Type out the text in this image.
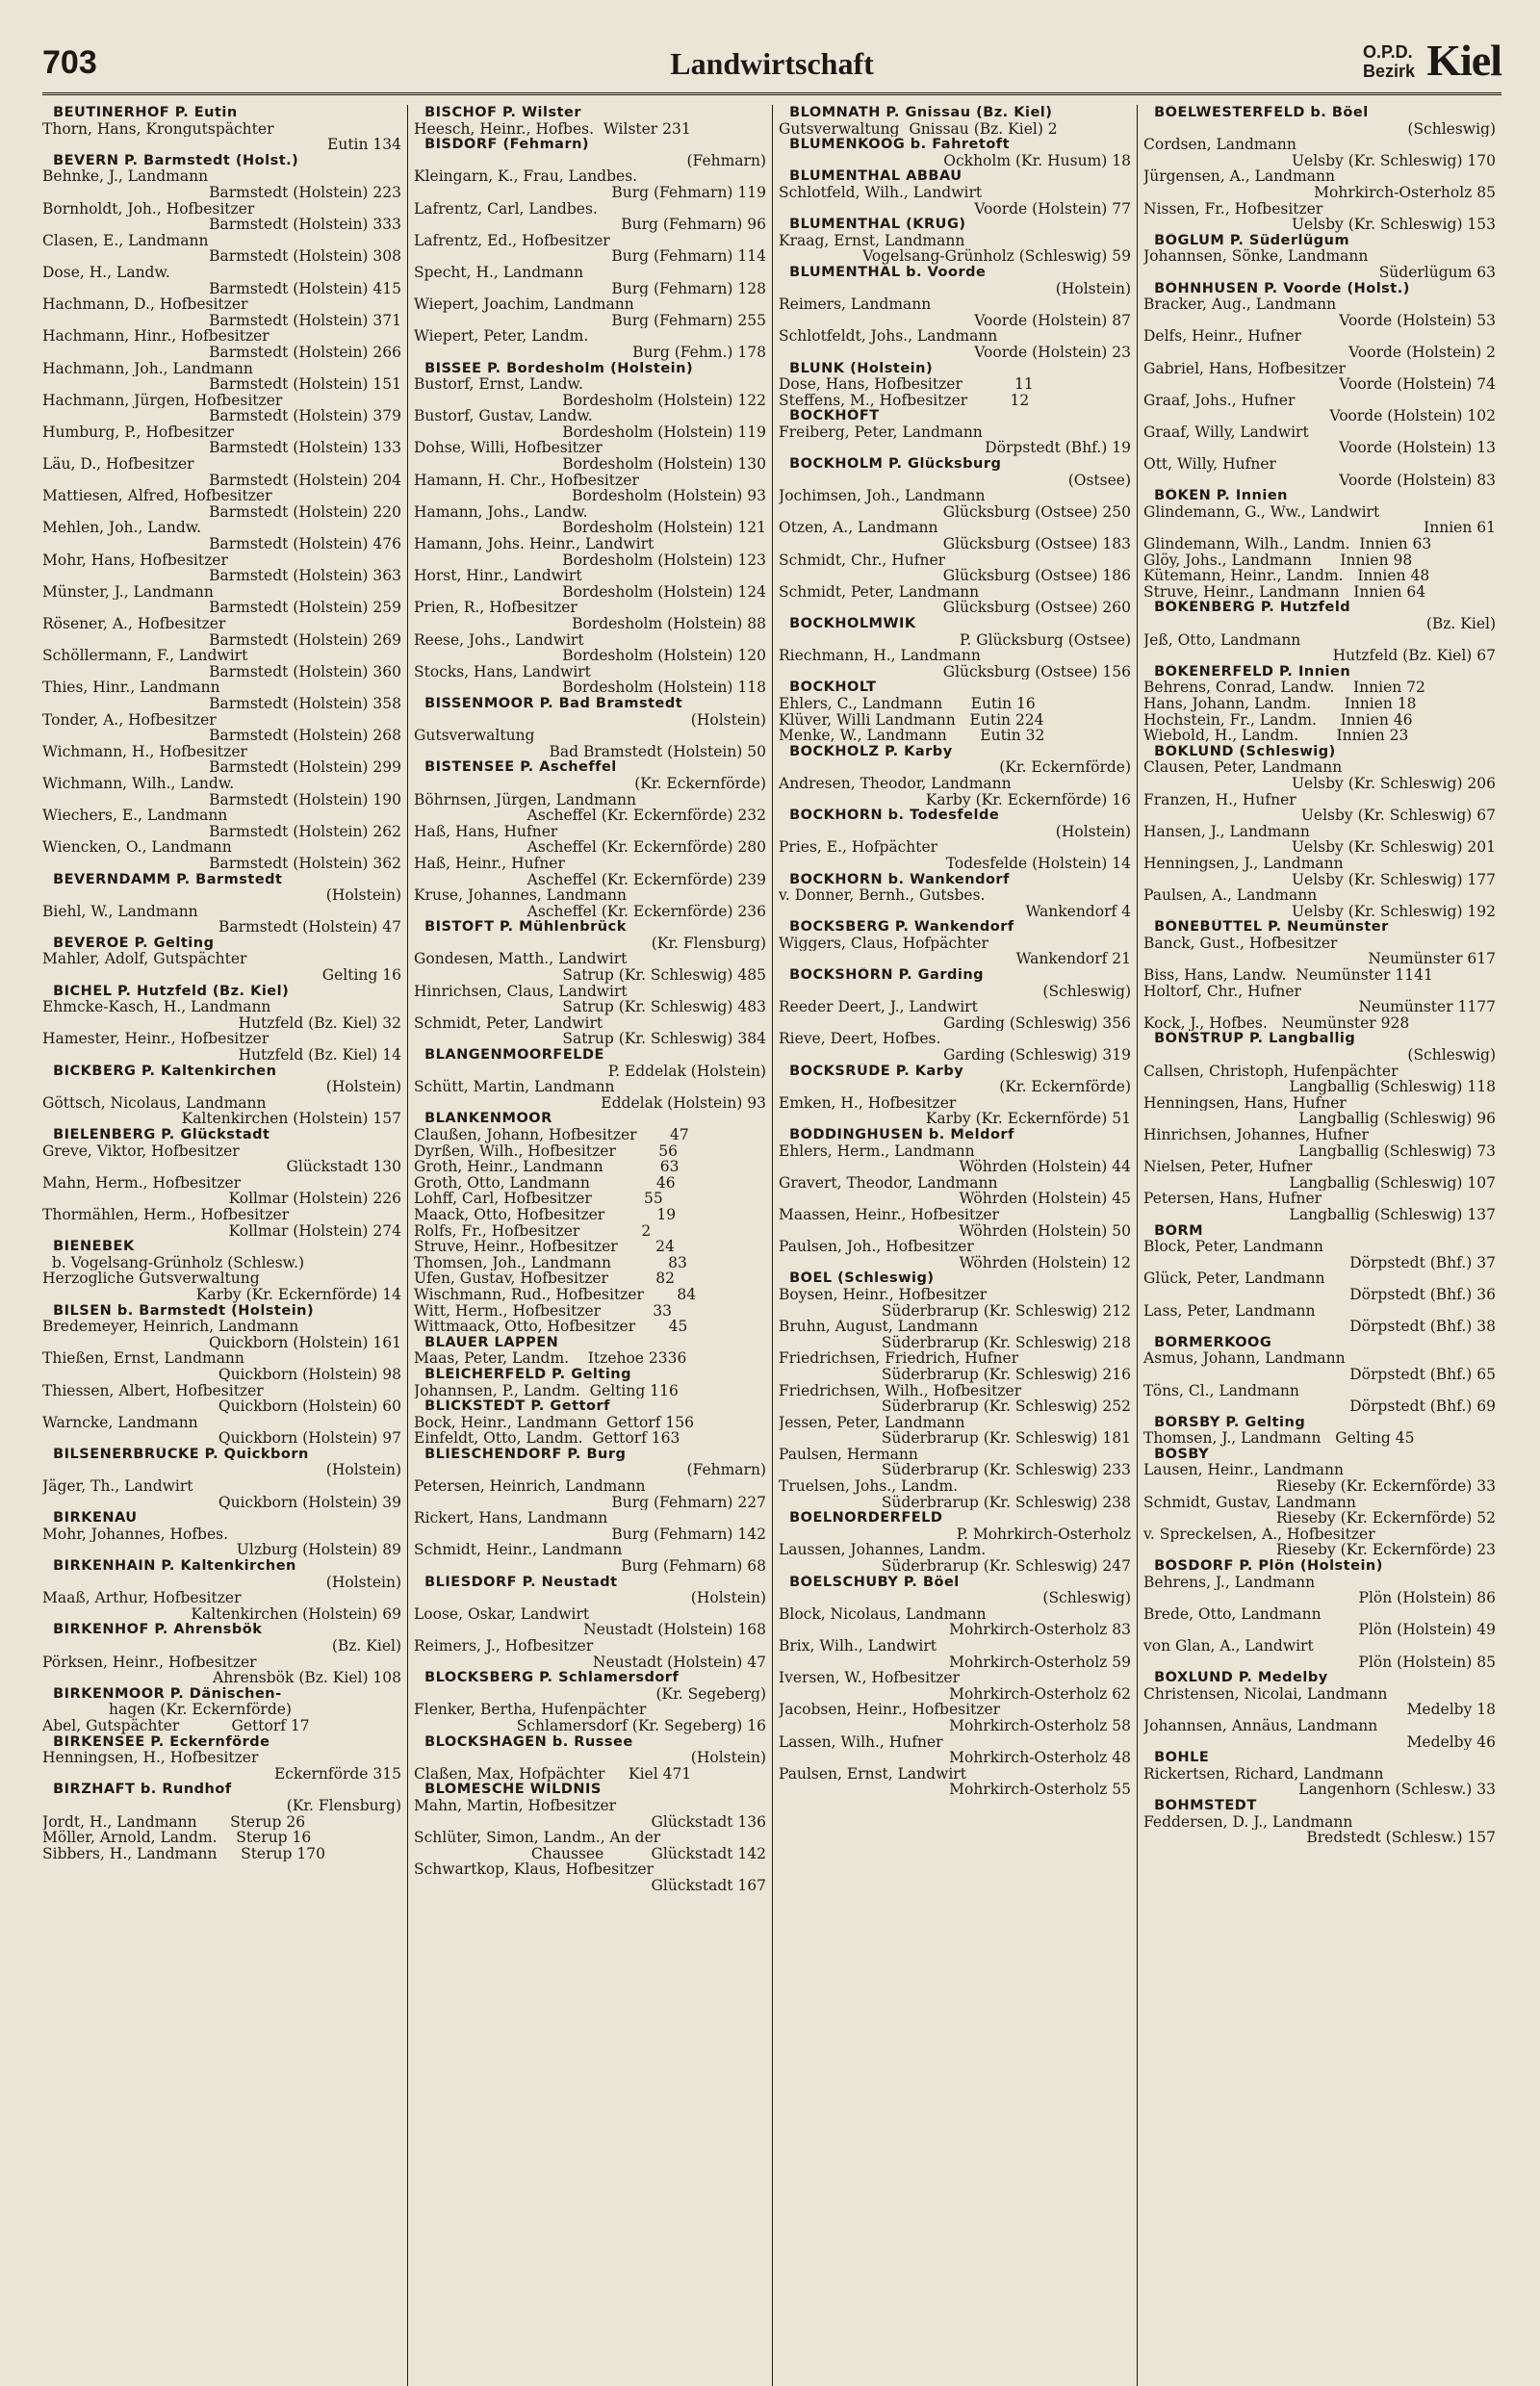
703	Landwirtschaft	O.P.D.
Bezirk Kiel
BEUTINERHOF P. Eutin
Thorn, Hans, Krongutspächter
Eutin 134
BEVERN P. Barmstedt (Holst.)
Behnke, J., Landmann
Barmstedt (Holstein) 223
Bornholdt, Joh., Hofbesitzer
Barmstedt (Holstein) 333
Clasen, E., Landmann
Barmstedt (Holstein) 308
Dose, H., Landw.
Barmstedt (Holstein) 415
Hachmann, D., Hofbesitzer
Barmstedt (Holstein) 371
Hachmann, Hinr., Hofbesitzer
Barmstedt (Holstein) 266
Hachmann, Joh., Landmann
Barmstedt (Holstein) 151
Hachmann, Jürgen, Hofbesitzer
Barmstedt (Holstein) 379
Humburg, P., Hofbesitzer
Barmstedt (Holstein) 133
Läu, D., Hofbesitzer
Barmstedt (Holstein) 204
Mattiesen, Alfred, Hofbesitzer
Barmstedt (Holstein) 220
Mehlen, Joh., Landw.
Barmstedt (Holstein) 476
Mohr, Hans, Hofbesitzer
Barmstedt (Holstein) 363
Münster, J., Landmann
Barmstedt (Holstein) 259
Rösener, A., Hofbesitzer
Barmstedt (Holstein) 269
Schöllermann, F., Landwirt
Barmstedt (Holstein) 360
Thies, Hinr., Landmann
Barmstedt (Holstein) 358
Tonder, A., Hofbesitzer
Barmstedt (Holstein) 268
Wichmann, H., Hofbesitzer
Barmstedt (Holstein) 299
Wichmann, Wilh., Landw.
Barmstedt (Holstein) 190
Wiechers, E., Landmann
Barmstedt (Holstein) 262
Wiencken, O., Landmann
Barmstedt (Holstein) 362
BEVERNDAMM P. Barmstedt
(Holstein)
Biehl, W., Landmann
Barmstedt (Holstein) 47
BEVEROE P. Gelting
Mahler, Adolf, Gutspächter
Gelting 16
BICHEL P. Hutzfeld (Bz. Kiel)
Ehmcke-Kasch, H., Landmann
Hutzfeld (Bz. Kiel) 32
Hamester, Heinr., Hofbesitzer
Hutzfeld (Bz. Kiel) 14
BICKBERG P. Kaltenkirchen
(Holstein)
Göttsch, Nicolaus, Landmann
Kaltenkirchen (Holstein) 157
BIELENBERG P. Glückstadt
Greve, Viktor, Hofbesitzer
Glückstadt 130
Mahn, Herm., Hofbesitzer
Kollmar (Holstein) 226
Thormählen, Herm., Hofbesitzer
Kollmar (Holstein) 274
BIENEBEK
b. Vogelsang-Grünholz (Schlesw.)
Herzogliche Gutsverwaltung
Karby (Kr. Eckernförde) 14
BILSEN b. Barmstedt (Holstein)
Bredemeyer, Heinrich, Landmann
Quickborn (Holstein) 161
Thießen, Ernst, Landmann
Quickborn (Holstein) 98
Thiessen, Albert, Hofbesitzer
Quickborn (Holstein) 60
Warncke, Landmann
Quickborn (Holstein) 97
BILSENERBRÜCKE P. Quickborn
(Holstein)
Jäger, Th., Landwirt
Quickborn (Holstein) 39
BIRKENAU
Mohr, Johannes, Hofbes.
Ulzburg (Holstein) 89
BIRKENHAIN P. Kaltenkirchen
(Holstein)
Maaß, Arthur, Hofbesitzer
Kaltenkirchen (Holstein) 69
BIRKENHOF P. Ahrensbök
(Bz. Kiel)
Pörksen, Heinr., Hofbesitzer
Ahrensbök (Bz. Kiel) 108
BIRKENMOOR P. Dänischen-
hagen (Kr. Eckernförde)
Abel, Gutspächter           Gettorf 17
BIRKENSEE P. Eckernförde
Henningsen, H., Hofbesitzer
Eckernförde 315
BIRZHAFT b. Rundhof
(Kr. Flensburg)
Jordt, H., Landmann       Sterup 26
Möller, Arnold, Landm.    Sterup 16
Sibbers, H., Landmann     Sterup 170
BISCHOF P. Wilster
Heesch, Heinr., Hofbes.  Wilster 231
BISDORF (Fehmarn)
(Fehmarn)
Kleingarn, K., Frau, Landbes.
Burg (Fehmarn) 119
Lafrentz, Carl, Landbes.
Burg (Fehmarn) 96
Lafrentz, Ed., Hofbesitzer
Burg (Fehmarn) 114
Specht, H., Landmann
Burg (Fehmarn) 128
Wiepert, Joachim, Landmann
Burg (Fehmarn) 255
Wiepert, Peter, Landm.
Burg (Fehm.) 178
BISSEE P. Bordesholm (Holstein)
Bustorf, Ernst, Landw.
Bordesholm (Holstein) 122
Bustorf, Gustav, Landw.
Bordesholm (Holstein) 119
Dohse, Willi, Hofbesitzer
Bordesholm (Holstein) 130
Hamann, H. Chr., Hofbesitzer
Bordesholm (Holstein) 93
Hamann, Johs., Landw.
Bordesholm (Holstein) 121
Hamann, Johs. Heinr., Landwirt
Bordesholm (Holstein) 123
Horst, Hinr., Landwirt
Bordesholm (Holstein) 124
Prien, R., Hofbesitzer
Bordesholm (Holstein) 88
Reese, Johs., Landwirt
Bordesholm (Holstein) 120
Stocks, Hans, Landwirt
Bordesholm (Holstein) 118
BISSENMOOR P. Bad Bramstedt
(Holstein)
Gutsverwaltung
Bad Bramstedt (Holstein) 50
BISTENSEE P. Ascheffel
(Kr. Eckernförde)
Böhrnsen, Jürgen, Landmann
Ascheffel (Kr. Eckernförde) 232
Haß, Hans, Hufner
Ascheffel (Kr. Eckernförde) 280
Haß, Heinr., Hufner
Ascheffel (Kr. Eckernförde) 239
Kruse, Johannes, Landmann
Ascheffel (Kr. Eckernförde) 236
BISTOFT P. Mühlenbrück
(Kr. Flensburg)
Gondesen, Matth., Landwirt
Satrup (Kr. Schleswig) 485
Hinrichsen, Claus, Landwirt
Satrup (Kr. Schleswig) 483
Schmidt, Peter, Landwirt
Satrup (Kr. Schleswig) 384
BLANGENMOORFELDE
P. Eddelak (Holstein)
Schütt, Martin, Landmann
Eddelak (Holstein) 93
BLANKENMOOR
Claußen, Johann, Hofbesitzer       47
Dyrßen, Wilh., Hofbesitzer         56
Groth, Heinr., Landmann            63
Groth, Otto, Landmann              46
Lohff, Carl, Hofbesitzer           55
Maack, Otto, Hofbesitzer           19
Rolfs, Fr., Hofbesitzer             2
Struve, Heinr., Hofbesitzer        24
Thomsen, Joh., Landmann            83
Ufen, Gustav, Hofbesitzer          82
Wischmann, Rud., Hofbesitzer       84
Witt, Herm., Hofbesitzer           33
Wittmaack, Otto, Hofbesitzer       45
BLAUER LAPPEN
Maas, Peter, Landm.    Itzehoe 2336
BLEICHERFELD P. Gelting
Johannsen, P., Landm.  Gelting 116
BLICKSTEDT P. Gettorf
Bock, Heinr., Landmann  Gettorf 156
Einfeldt, Otto, Landm.  Gettorf 163
BLIESCHENDORF P. Burg
(Fehmarn)
Petersen, Heinrich, Landmann
Burg (Fehmarn) 227
Rickert, Hans, Landmann
Burg (Fehmarn) 142
Schmidt, Heinr., Landmann
Burg (Fehmarn) 68
BLIESDORF P. Neustadt
(Holstein)
Loose, Oskar, Landwirt
Neustadt (Holstein) 168
Reimers, J., Hofbesitzer
Neustadt (Holstein) 47
BLOCKSBERG P. Schlamersdorf
(Kr. Segeberg)
Flenker, Bertha, Hufenpächter
Schlamersdorf (Kr. Segeberg) 16
BLOCKSHAGEN b. Russee
(Holstein)
Claßen, Max, Hofpächter     Kiel 471
BLOMESCHE WILDNIS
Mahn, Martin, Hofbesitzer
Glückstadt 136
Schlüter, Simon, Landm., An der
Chaussee          Glückstadt 142
Schwartkop, Klaus, Hofbesitzer
Glückstadt 167
BLOMNATH P. Gnissau (Bz. Kiel)
Gutsverwaltung  Gnissau (Bz. Kiel) 2
BLUMENKOOG b. Fahretoft
Ockholm (Kr. Husum) 18
BLUMENTHAL ABBAU
Schlotfeld, Wilh., Landwirt
Voorde (Holstein) 77
BLUMENTHAL (KRUG)
Kraag, Ernst, Landmann
Vogelsang-Grünholz (Schleswig) 59
BLUMENTHAL b. Voorde
(Holstein)
Reimers, Landmann
Voorde (Holstein) 87
Schlotfeldt, Johs., Landmann
Voorde (Holstein) 23
BLUNK (Holstein)
Dose, Hans, Hofbesitzer           11
Steffens, M., Hofbesitzer         12
BOCKHÖFT
Freiberg, Peter, Landmann
Dörpstedt (Bhf.) 19
BOCKHOLM P. Glücksburg
(Ostsee)
Jochimsen, Joh., Landmann
Glücksburg (Ostsee) 250
Otzen, A., Landmann
Glücksburg (Ostsee) 183
Schmidt, Chr., Hufner
Glücksburg (Ostsee) 186
Schmidt, Peter, Landmann
Glücksburg (Ostsee) 260
BOCKHOLMWIK
P. Glücksburg (Ostsee)
Riechmann, H., Landmann
Glücksburg (Ostsee) 156
BOCKHOLT
Ehlers, C., Landmann      Eutin 16
Klüver, Willi Landmann   Eutin 224
Menke, W., Landmann       Eutin 32
BOCKHOLZ P. Karby
(Kr. Eckernförde)
Andresen, Theodor, Landmann
Karby (Kr. Eckernförde) 16
BOCKHORN b. Todesfelde
(Holstein)
Pries, E., Hofpächter
Todesfelde (Holstein) 14
BOCKHORN b. Wankendorf
v. Donner, Bernh., Gutsbes.
Wankendorf 4
BOCKSBERG P. Wankendorf
Wiggers, Claus, Hofpächter
Wankendorf 21
BOCKSHÖRN P. Garding
(Schleswig)
Reeder Deert, J., Landwirt
Garding (Schleswig) 356
Rieve, Deert, Hofbes.
Garding (Schleswig) 319
BOCKSRÜDE P. Karby
(Kr. Eckernförde)
Emken, H., Hofbesitzer
Karby (Kr. Eckernförde) 51
BÖDDINGHUSEN b. Meldorf
Ehlers, Herm., Landmann
Wöhrden (Holstein) 44
Gravert, Theodor, Landmann
Wöhrden (Holstein) 45
Maassen, Heinr., Hofbesitzer
Wöhrden (Holstein) 50
Paulsen, Joh., Hofbesitzer
Wöhrden (Holstein) 12
BÖEL (Schleswig)
Boysen, Heinr., Hofbesitzer
Süderbrarup (Kr. Schleswig) 212
Bruhn, August, Landmann
Süderbrarup (Kr. Schleswig) 218
Friedrichsen, Friedrich, Hufner
Süderbrarup (Kr. Schleswig) 216
Friedrichsen, Wilh., Hofbesitzer
Süderbrarup (Kr. Schleswig) 252
Jessen, Peter, Landmann
Süderbrarup (Kr. Schleswig) 181
Paulsen, Hermann
Süderbrarup (Kr. Schleswig) 233
Truelsen, Johs., Landm.
Süderbrarup (Kr. Schleswig) 238
BOELNORDERFELD
P. Mohrkirch-Osterholz
Laussen, Johannes, Landm.
Süderbrarup (Kr. Schleswig) 247
BÖELSCHUBY P. Böel
(Schleswig)
Block, Nicolaus, Landmann
Mohrkirch-Osterholz 83
Brix, Wilh., Landwirt
Mohrkirch-Osterholz 59
Iversen, W., Hofbesitzer
Mohrkirch-Osterholz 62
Jacobsen, Heinr., Hofbesitzer
Mohrkirch-Osterholz 58
Lassen, Wilh., Hufner
Mohrkirch-Osterholz 48
Paulsen, Ernst, Landwirt
Mohrkirch-Osterholz 55
BÖELWESTERFELD b. Böel
(Schleswig)
Cordsen, Landmann
Uelsby (Kr. Schleswig) 170
Jürgensen, A., Landmann
Mohrkirch-Osterholz 85
Nissen, Fr., Hofbesitzer
Uelsby (Kr. Schleswig) 153
BÖGLUM P. Süderlügum
Johannsen, Sönke, Landmann
Süderlügum 63
BÖHNHUSEN P. Voorde (Holst.)
Bracker, Aug., Landmann
Voorde (Holstein) 53
Delfs, Heinr., Hufner
Voorde (Holstein) 2
Gabriel, Hans, Hofbesitzer
Voorde (Holstein) 74
Graaf, Johs., Hufner
Voorde (Holstein) 102
Graaf, Willy, Landwirt
Voorde (Holstein) 13
Ott, Willy, Hufner
Voorde (Holstein) 83
BÖKEN P. Innien
Glindemann, G., Ww., Landwirt
Innien 61
Glindemann, Wilh., Landm.  Innien 63
Glöy, Johs., Landmann      Innien 98
Kütemann, Heinr., Landm.   Innien 48
Struve, Heinr., Landmann   Innien 64
BÖKENBERG P. Hutzfeld
(Bz. Kiel)
Jeß, Otto, Landmann
Hutzfeld (Bz. Kiel) 67
BÖKENERFELD P. Innien
Behrens, Conrad, Landw.    Innien 72
Hans, Johann, Landm.       Innien 18
Hochstein, Fr., Landm.     Innien 46
Wiebold, H., Landm.        Innien 23
BÖKLUND (Schleswig)
Clausen, Peter, Landmann
Uelsby (Kr. Schleswig) 206
Franzen, H., Hufner
Uelsby (Kr. Schleswig) 67
Hansen, J., Landmann
Uelsby (Kr. Schleswig) 201
Henningsen, J., Landmann
Uelsby (Kr. Schleswig) 177
Paulsen, A., Landmann
Uelsby (Kr. Schleswig) 192
BÖNEBÜTTEL P. Neumünster
Banck, Gust., Hofbesitzer
Neumünster 617
Biss, Hans, Landw.  Neumünster 1141
Holtorf, Chr., Hufner
Neumünster 1177
Kock, J., Hofbes.   Neumünster 928
BÖNSTRUP P. Langballig
(Schleswig)
Callsen, Christoph, Hufenpächter
Langballig (Schleswig) 118
Henningsen, Hans, Hufner
Langballig (Schleswig) 96
Hinrichsen, Johannes, Hufner
Langballig (Schleswig) 73
Nielsen, Peter, Hufner
Langballig (Schleswig) 107
Petersen, Hans, Hufner
Langballig (Schleswig) 137
BÖRM
Block, Peter, Landmann
Dörpstedt (Bhf.) 37
Glück, Peter, Landmann
Dörpstedt (Bhf.) 36
Lass, Peter, Landmann
Dörpstedt (Bhf.) 38
BÖRMERKOOG
Asmus, Johann, Landmann
Dörpstedt (Bhf.) 65
Töns, Cl., Landmann
Dörpstedt (Bhf.) 69
BÖRSBY P. Gelting
Thomsen, J., Landmann   Gelting 45
BÖSBY
Lausen, Heinr., Landmann
Rieseby (Kr. Eckernförde) 33
Schmidt, Gustav, Landmann
Rieseby (Kr. Eckernförde) 52
v. Spreckelsen, A., Hofbesitzer
Rieseby (Kr. Eckernförde) 23
BÖSDORF P. Plön (Holstein)
Behrens, J., Landmann
Plön (Holstein) 86
Brede, Otto, Landmann
Plön (Holstein) 49
von Glan, A., Landwirt
Plön (Holstein) 85
BÖXLUND P. Medelby
Christensen, Nicolai, Landmann
Medelby 18
Johannsen, Annäus, Landmann
Medelby 46
BOHLE
Rickertsen, Richard, Landmann
Langenhorn (Schlesw.) 33
BOHMSTEDT
Feddersen, D. J., Landmann
Bredstedt (Schlesw.) 157
